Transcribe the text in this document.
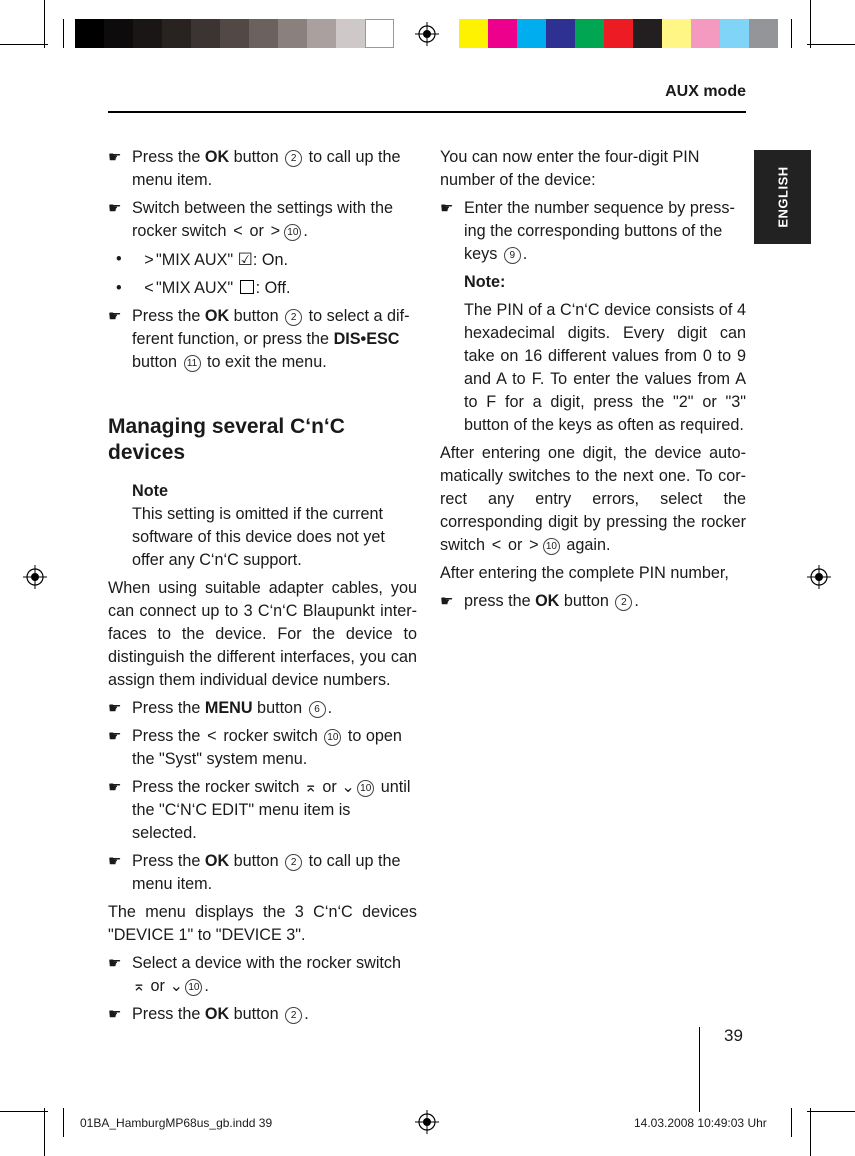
AUX mode
ENGLISH

☛ Press the OK button 2 to call up the menu item.

☛ Switch between the settings with the rocker switch < or > 10 .

• > "MIX AUX" ☑: On.

• < "MIX AUX" : Off.

☛ Press the OK button 2 to select a different function, or press the DIS•ESC button 11 to exit the menu.

Managing several C‘n‘C devices

Note

This setting is omitted if the current software of this device does not yet offer any C‘n‘C support.

When using suitable adapter cables, you can connect up to 3 C‘n‘C Blaupunkt interfaces to the device. For the device to distinguish the different interfaces, you can assign them individual device numbers.

☛ Press the MENU button 6 .

☛ Press the < rocker switch 10 to open the "Syst" system menu.

☛ Press the rocker switch ⌅ or ⌄ 10 until the "C‘N‘C EDIT" menu item is selected.

☛ Press the OK button 2 to call up the menu item.

The menu displays the 3 C‘n‘C devices "DEVICE 1" to "DEVICE 3".

☛ Select a device with the rocker switch ⌅ or ⌄ 10 .

☛ Press the OK button 2 .

You can now enter the four-digit PIN number of the device:

☛ Enter the number sequence by pressing the corresponding buttons of the keys 9 .

Note:

The PIN of a C‘n‘C device consists of 4 hexadecimal digits. Every digit can take on 16 different values from 0 to 9 and A to F. To enter the values from A to F for a digit, press the "2" or "3" button of the keys as often as required.

After entering one digit, the device automatically switches to the next one. To correct any entry errors, select the corresponding digit by pressing the rocker switch < or > 10 again.

After entering the complete PIN number,

☛ press the OK button 2 .

39
01BA_HamburgMP68us_gb.indd 39	14.03.2008 10:49:03 Uhr
